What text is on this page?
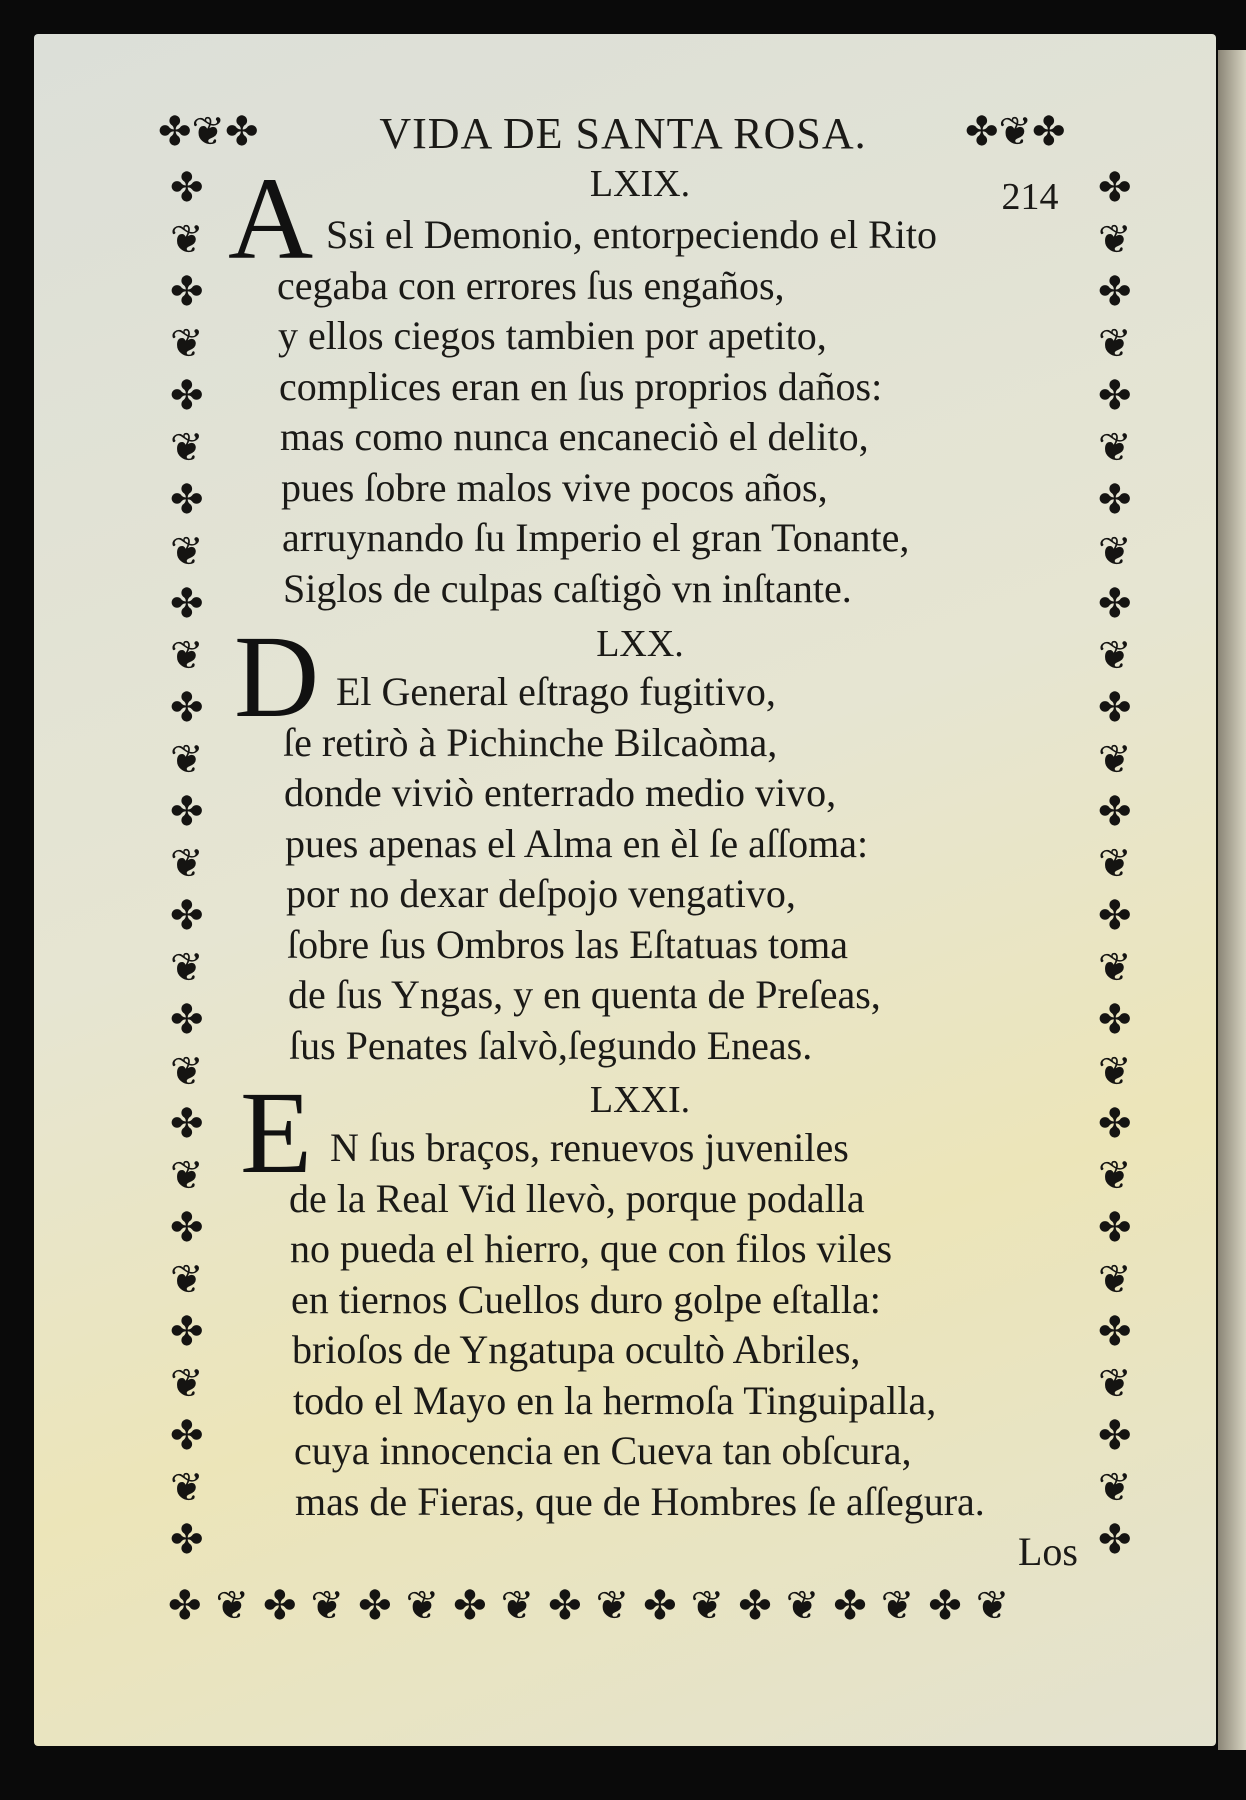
✤❦✤	✤❦✤
✤
❦
✤
❦
✤
❦
✤
❦
✤
❦
✤
❦
✤
❦
✤
❦
✤
❦
✤
❦
✤
❦
✤
❦
✤
❦
✤
✤
❦
✤
❦
✤
❦
✤
❦
✤
❦
✤
❦
✤
❦
✤
❦
✤
❦
✤
❦
✤
❦
✤
❦
✤
❦
✤
✤ ❦ ✤ ❦ ✤ ❦ ✤ ❦ ✤ ❦ ✤ ❦ ✤ ❦ ✤ ❦ ✤ ❦
VIDA DE SANTA ROSA.
214
LXIX.
A Ssi el Demonio, entorpeciendo el Rito
cegaba con errores ſus engaños,
y ellos ciegos tambien por apetito,
complices eran en ſus proprios daños:
mas como nunca encaneciò el delito,
pues ſobre malos vive pocos años,
arruynando ſu Imperio el gran Tonante,
Siglos de culpas caſtigò vn inſtante.
LXX.
D El General eſtrago fugitivo,
ſe retirò à Pichinche Bilcaòma,
donde viviò enterrado medio vivo,
pues apenas el Alma en èl ſe aſſoma:
por no dexar deſpojo vengativo,
ſobre ſus Ombros las Eſtatuas toma
de ſus Yngas, y en quenta de Preſeas,
ſus Penates ſalvò,ſegundo Eneas.
LXXI.
E N ſus braços, renuevos juveniles
de la Real Vid llevò, porque podalla
no pueda el hierro, que con filos viles
en tiernos Cuellos duro golpe eſtalla:
brioſos de Yngatupa ocultò Abriles,
todo el Mayo en la hermoſa Tinguipalla,
cuya innocencia en Cueva tan obſcura,
mas de Fieras, que de Hombres ſe aſſegura.
Los
